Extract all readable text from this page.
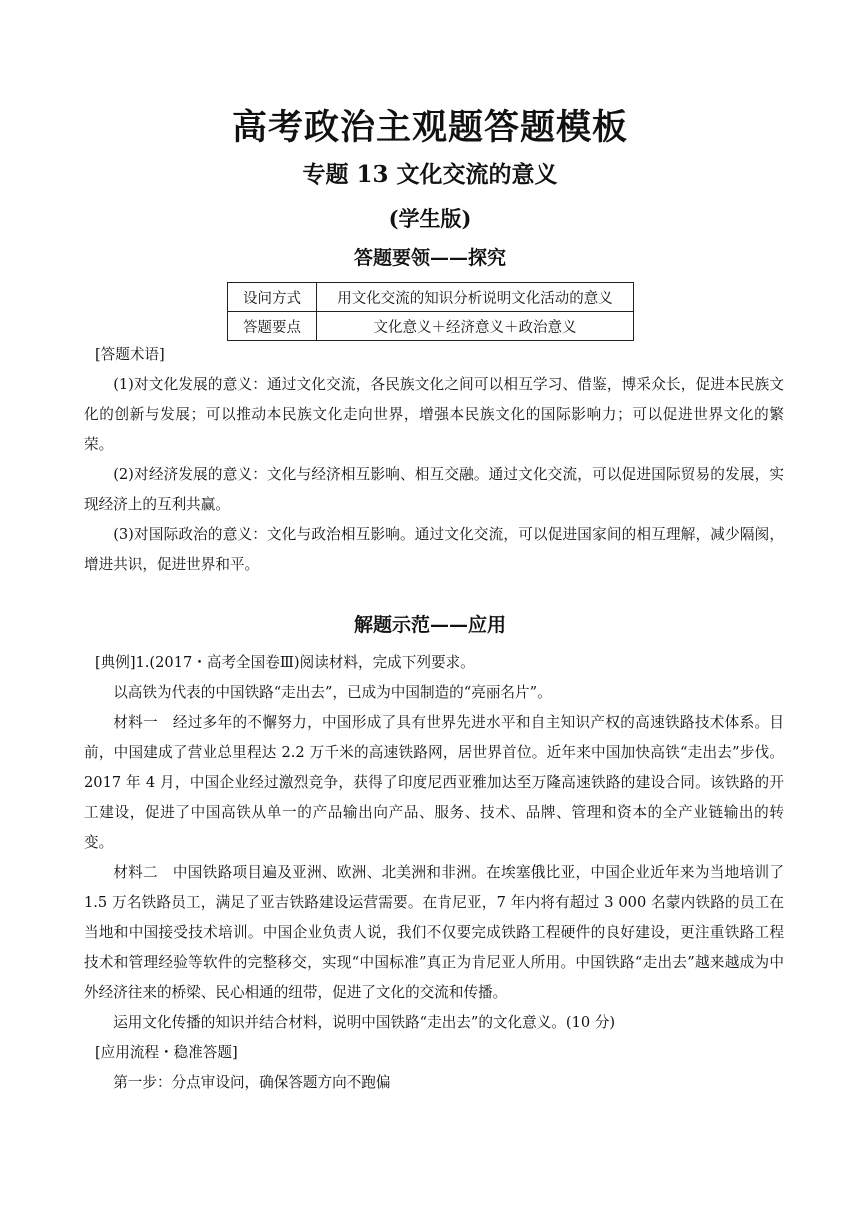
高考政治主观题答题模板
专题 13 文化交流的意义
(学生版)
答题要领——探究
设问方式	用文化交流的知识分析说明文化活动的意义
答题要点	文化意义＋经济意义＋政治意义

[答题术语]

(1)对文化发展的意义：通过文化交流，各民族文化之间可以相互学习、借鉴，博采众长，促进本民族文化的创新与发展；可以推动本民族文化走向世界，增强本民族文化的国际影响力；可以促进世界文化的繁荣。

(2)对经济发展的意义：文化与经济相互影响、相互交融。通过文化交流，可以促进国际贸易的发展，实现经济上的互利共赢。

(3)对国际政治的意义：文化与政治相互影响。通过文化交流，可以促进国家间的相互理解，减少隔阂，增进共识，促进世界和平。

解题示范——应用

[典例]1.(2017・高考全国卷Ⅲ)阅读材料，完成下列要求。

以高铁为代表的中国铁路“走出去”，已成为中国制造的“亮丽名片”。

材料一　经过多年的不懈努力，中国形成了具有世界先进水平和自主知识产权的高速铁路技术体系。目前，中国建成了营业总里程达 2.2 万千米的高速铁路网，居世界首位。近年来中国加快高铁“走出去”步伐。2017 年 4 月，中国企业经过激烈竞争，获得了印度尼西亚雅加达至万隆高速铁路的建设合同。该铁路的开工建设，促进了中国高铁从单一的产品输出向产品、服务、技术、品牌、管理和资本的全产业链输出的转变。

材料二　中国铁路项目遍及亚洲、欧洲、北美洲和非洲。在埃塞俄比亚，中国企业近年来为当地培训了 1.5 万名铁路员工，满足了亚吉铁路建设运营需要。在肯尼亚，7 年内将有超过 3 000 名蒙内铁路的员工在当地和中国接受技术培训。中国企业负责人说，我们不仅要完成铁路工程硬件的良好建设，更注重铁路工程技术和管理经验等软件的完整移交，实现“中国标准”真正为肯尼亚人所用。中国铁路“走出去”越来越成为中外经济往来的桥梁、民心相通的纽带，促进了文化的交流和传播。

运用文化传播的知识并结合材料，说明中国铁路“走出去”的文化意义。(10 分)

[应用流程・稳准答题]

第一步：分点审设问，确保答题方向不跑偏
